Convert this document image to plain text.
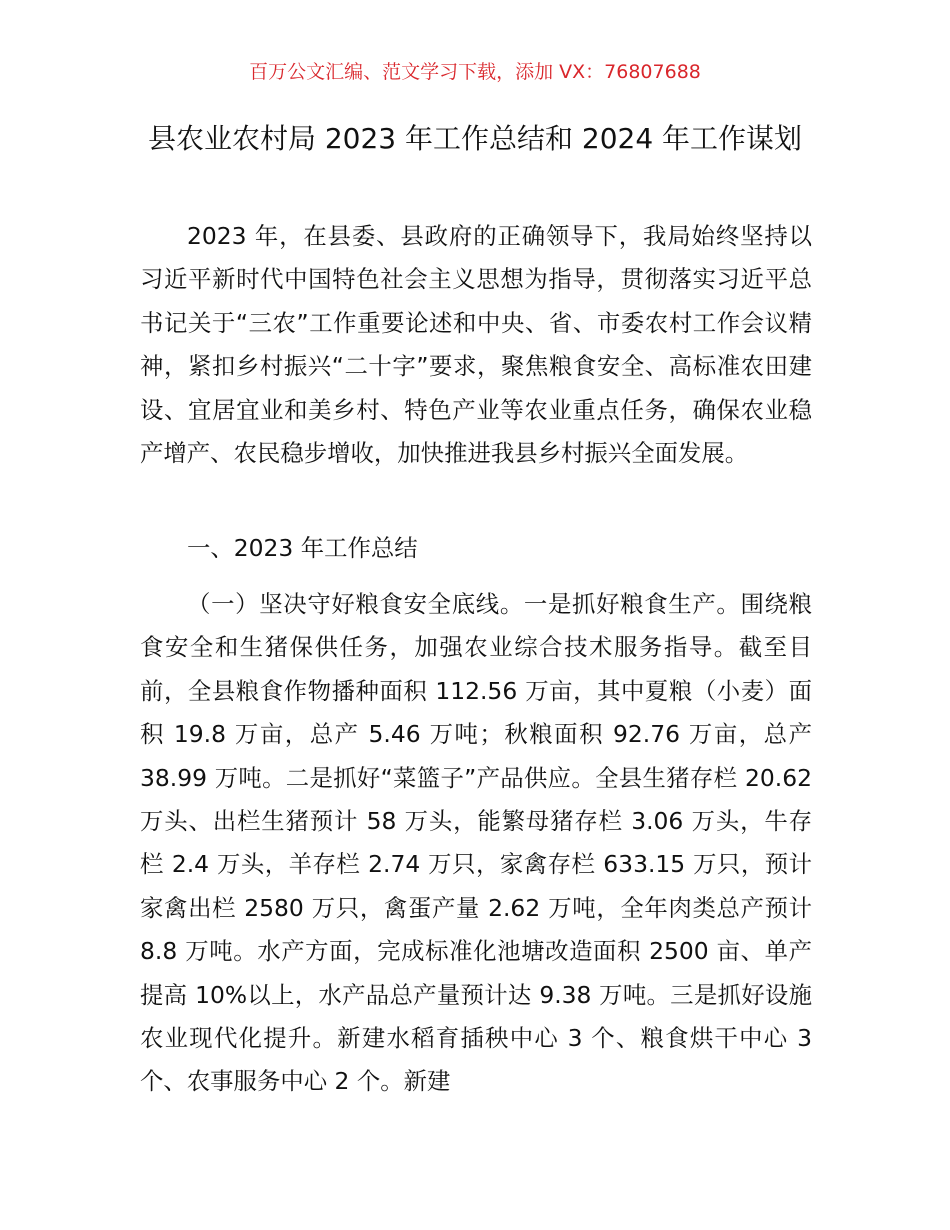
百万公文汇编、范文学习下载，添加 VX：76807688
县农业农村局 2023 年工作总结和 2024 年工作谋划
2023 年，在县委、县政府的正确领导下，我局始终坚持以习近平新时代中国特色社会主义思想为指导，贯彻落实习近平总书记关于“三农”工作重要论述和中央、省、市委农村工作会议精神，紧扣乡村振兴“二十字”要求，聚焦粮食安全、高标准农田建设、宜居宜业和美乡村、特色产业等农业重点任务，确保农业稳产增产、农民稳步增收，加快推进我县乡村振兴全面发展。
一、2023 年工作总结
（一）坚决守好粮食安全底线。一是抓好粮食生产。围绕粮食安全和生猪保供任务，加强农业综合技术服务指导。截至目前，全县粮食作物播种面积 112.56 万亩，其中夏粮（小麦）面积 19.8 万亩，总产 5.46 万吨；秋粮面积 92.76 万亩，总产 38.99 万吨。二是抓好“菜篮子”产品供应。全县生猪存栏 20.62 万头、出栏生猪预计 58 万头，能繁母猪存栏 3.06 万头，牛存栏 2.4 万头，羊存栏 2.74 万只，家禽存栏 633.15 万只，预计家禽出栏 2580 万只，禽蛋产量 2.62 万吨，全年肉类总产预计 8.8 万吨。水产方面，完成标准化池塘改造面积 2500 亩、单产提高 10%以上，水产品总产量预计达 9.38 万吨。三是抓好设施农业现代化提升。新建水稻育插秧中心 3 个、粮食烘干中心 3 个、农事服务中心 2 个。新建
